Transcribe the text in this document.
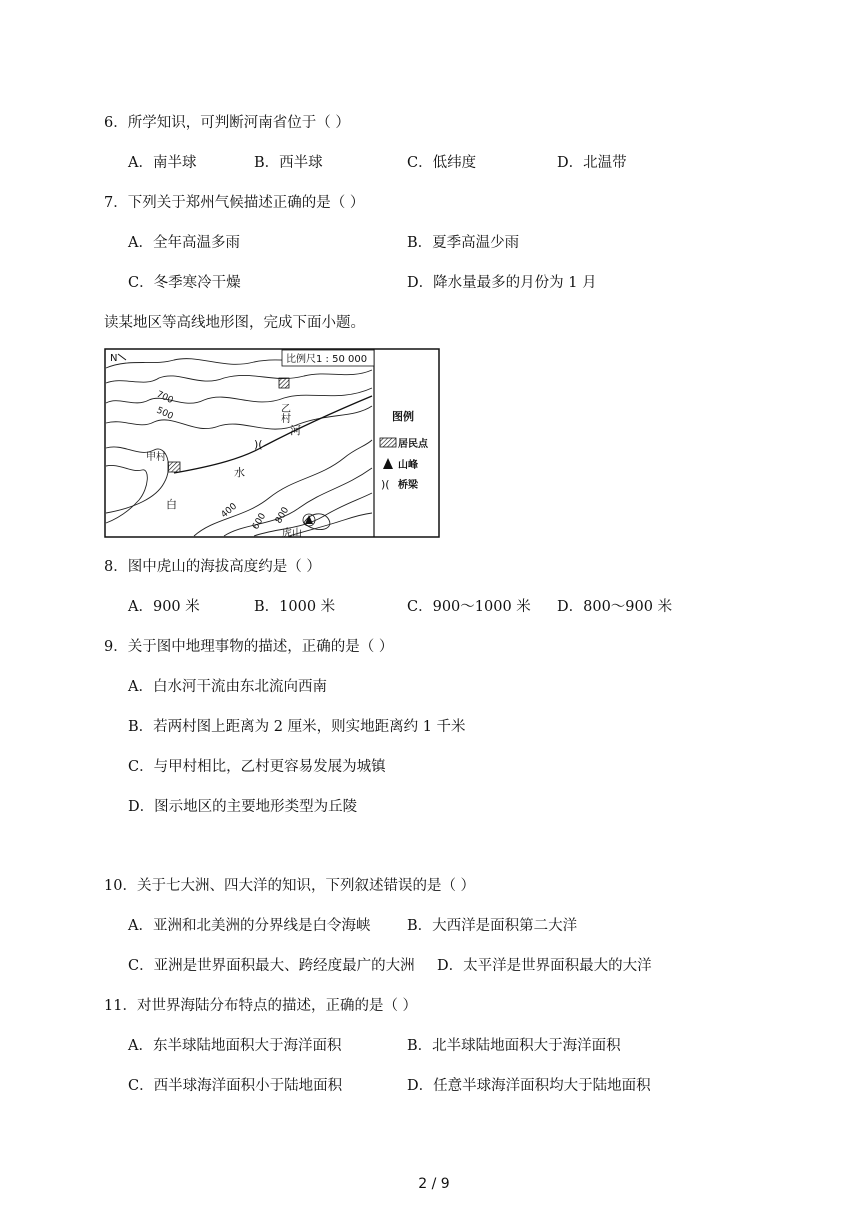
6．所学知识，可判断河南省位于（ ）
A．南半球	B．西半球	C．低纬度	D．北温带
7．下列关于郑州气候描述正确的是（ ）
A．全年高温多雨	B．夏季高温少雨
C．冬季寒冷干燥	D．降水量最多的月份为 1 月
读某地区等高线地形图，完成下面小题。
比例尺1 : 50 000
N
700
500
400
600 800
甲村
乙村
白
水
河
)(
虎山
图例
居民点
山峰
)( 桥梁
8．图中虎山的海拔高度约是（ ）
A．900 米	B．1000 米	C．900～1000 米 D．800～900 米
9．关于图中地理事物的描述，正确的是（ ）
A．白水河干流由东北流向西南
B．若两村图上距离为 2 厘米，则实地距离约 1 千米
C．与甲村相比，乙村更容易发展为城镇
D．图示地区的主要地形类型为丘陵
10．关于七大洲、四大洋的知识，下列叙述错误的是（ ）
A．亚洲和北美洲的分界线是白令海峡	B．大西洋是面积第二大洋
C．亚洲是世界面积最大、跨经度最广的大洲 D．太平洋是世界面积最大的大洋
11．对世界海陆分布特点的描述，正确的是（ ）
A．东半球陆地面积大于海洋面积	B．北半球陆地面积大于海洋面积
C．西半球海洋面积小于陆地面积	D．任意半球海洋面积均大于陆地面积
2 / 9
